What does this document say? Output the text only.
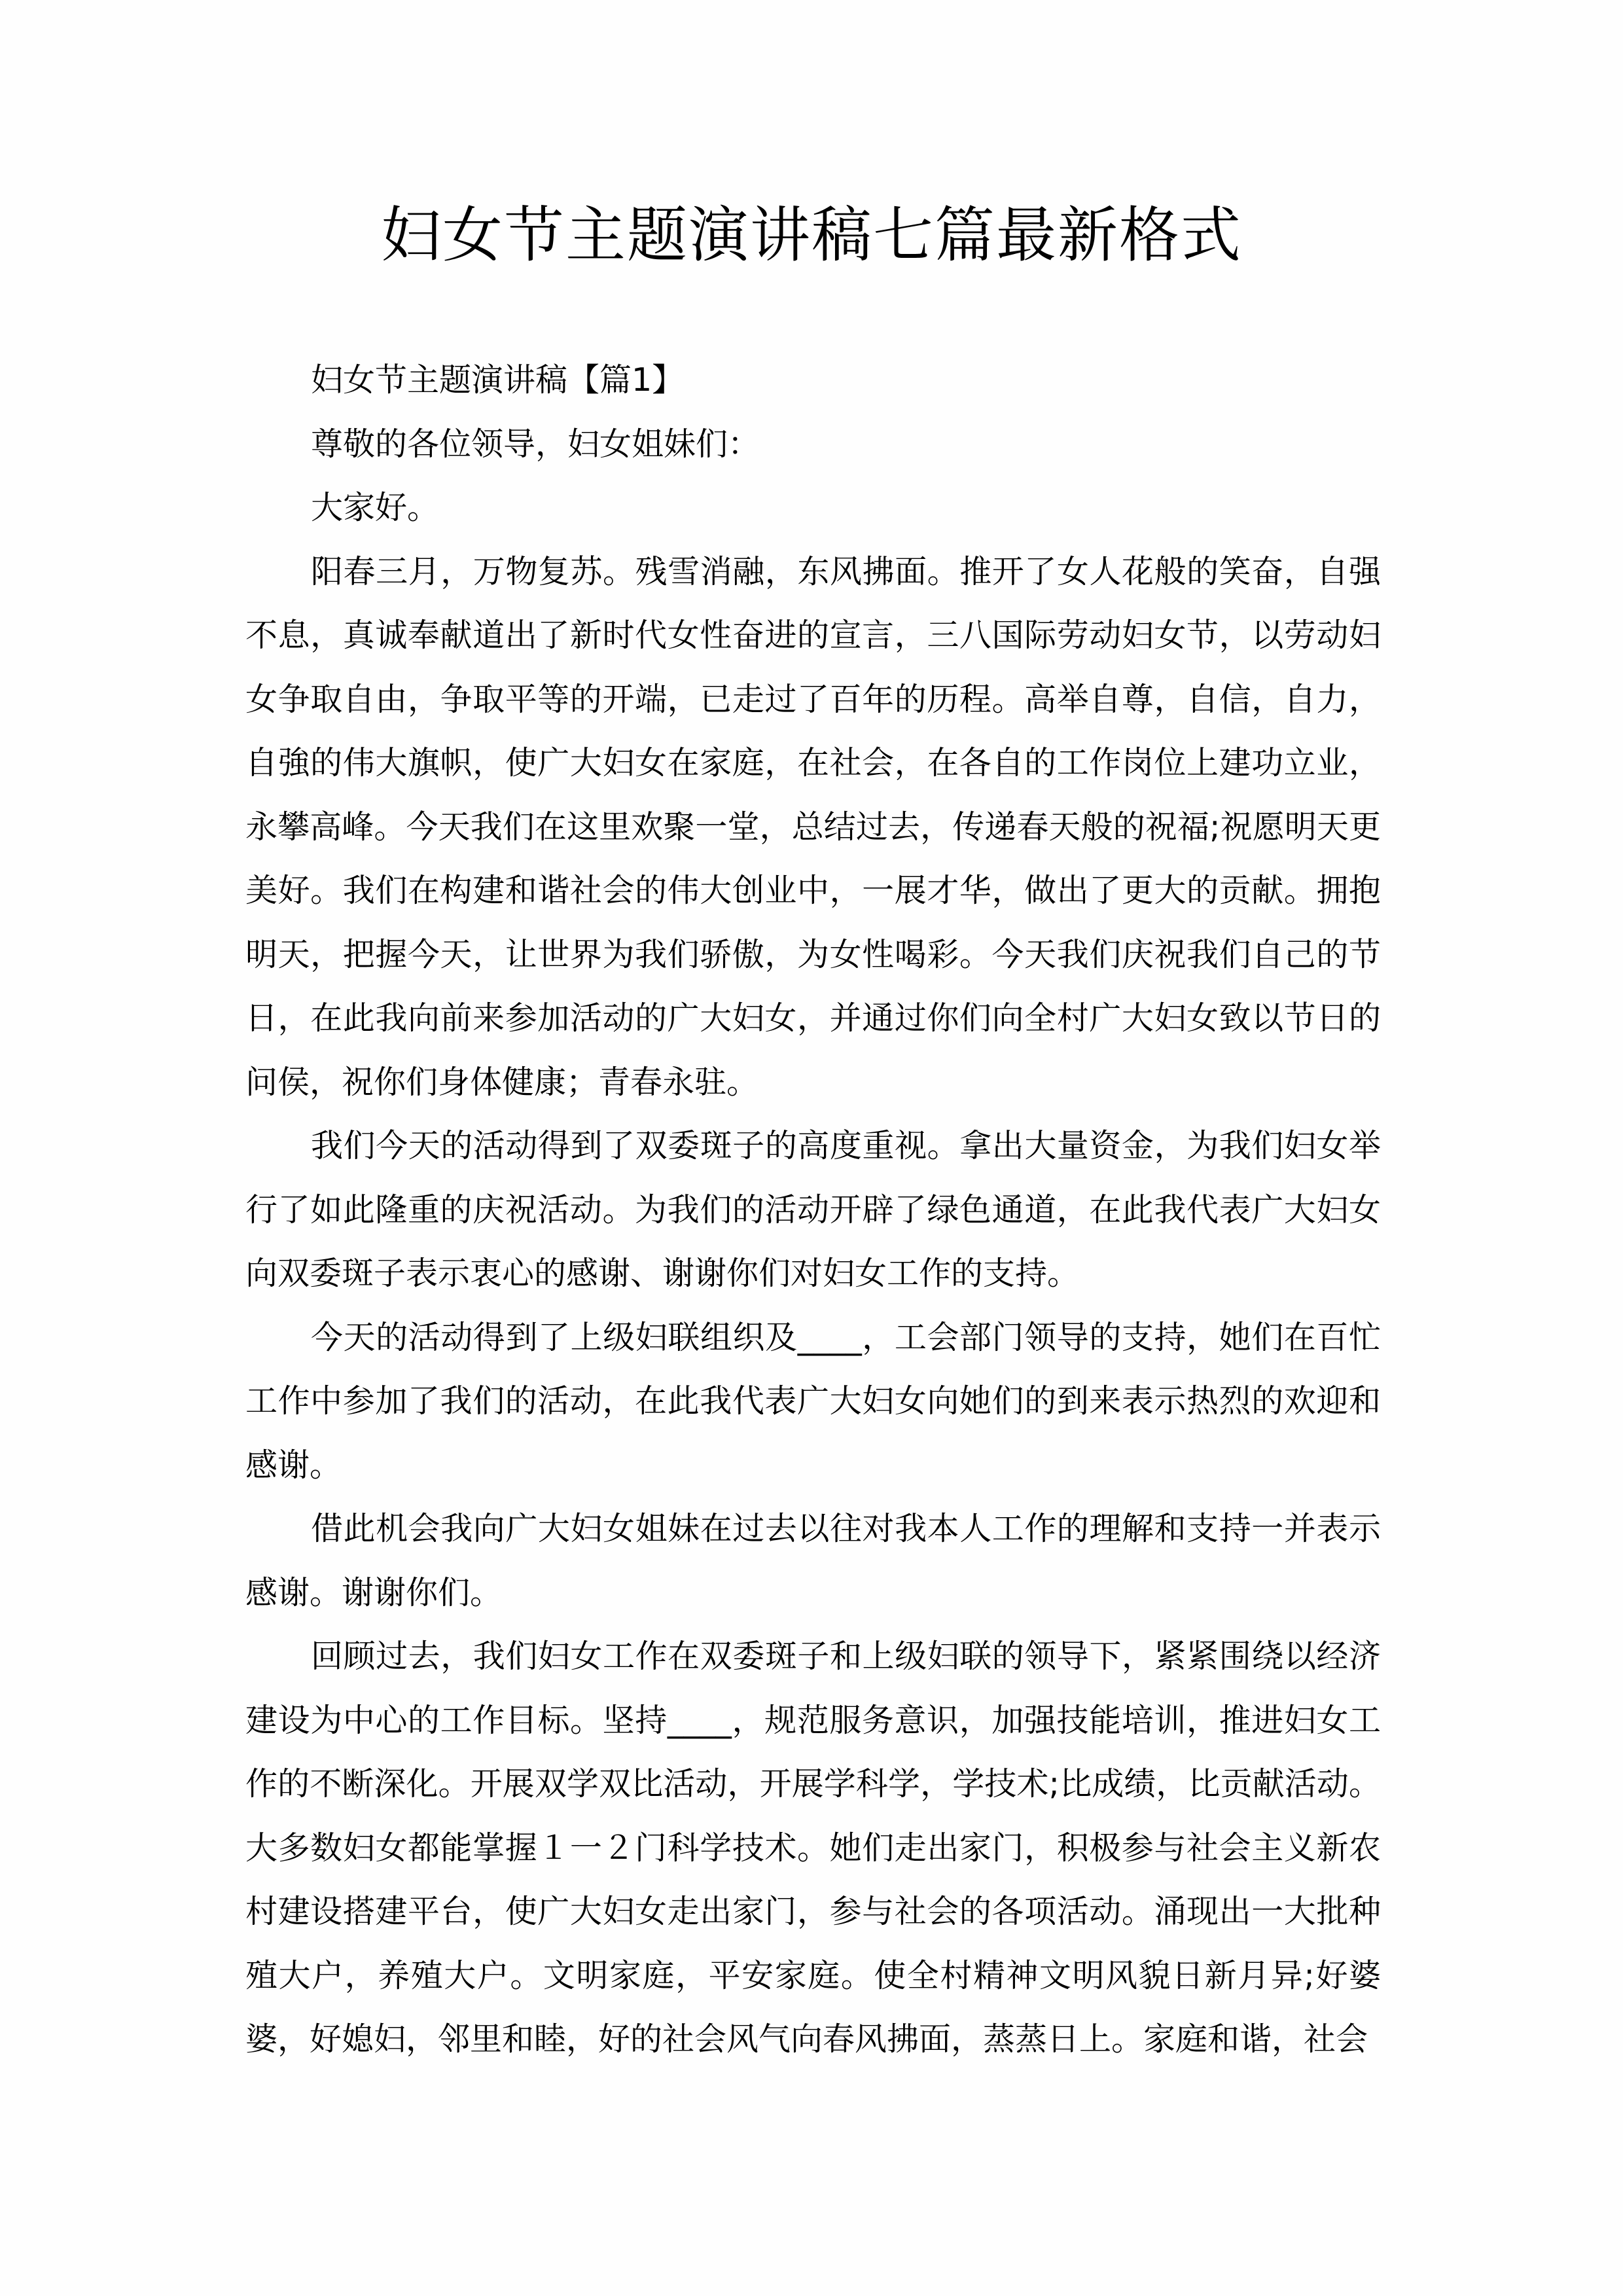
妇女节主题演讲稿七篇最新格式

妇女节主题演讲稿【篇1】

尊敬的各位领导，妇女姐妹们：

大家好。

阳春三月，万物复苏。残雪消融，东风拂面。推开了女人花般的笑奋，自强不息，真诚奉献道出了新时代女性奋进的宣言，三八国际劳动妇女节，以劳动妇女争取自由，争取平等的开端，已走过了百年的历程。高举自尊，自信，自力，自強的伟大旗帜，使广大妇女在家庭，在社会，在各自的工作岗位上建功立业，永攀高峰。今天我们在这里欢聚一堂，总结过去，传递春天般的祝福;祝愿明天更美好。我们在构建和谐社会的伟大创业中，一展才华，做出了更大的贡献。拥抱明天，把握今天，让世界为我们骄傲，为女性喝彩。今天我们庆祝我们自己的节日，在此我向前来参加活动的广大妇女，并通过你们向全村广大妇女致以节日的问侯，祝你们身体健康；青春永驻。

我们今天的活动得到了双委斑子的高度重视。拿出大量资金，为我们妇女举行了如此隆重的庆祝活动。为我们的活动开辟了绿色通道，在此我代表广大妇女向双委斑子表示衷心的感谢、谢谢你们对妇女工作的支持。

今天的活动得到了上级妇联组织及____，工会部门领导的支持，她们在百忙工作中参加了我们的活动，在此我代表广大妇女向她们的到来表示热烈的欢迎和感谢。

借此机会我向广大妇女姐妹在过去以往对我本人工作的理解和支持一并表示感谢。谢谢你们。

回顾过去，我们妇女工作在双委斑子和上级妇联的领导下，紧紧围绕以经济建设为中心的工作目标。坚持____，规范服务意识，加强技能培训，推进妇女工作的不断深化。开展双学双比活动，开展学科学，学技术;比成绩，比贡献活动。大多数妇女都能掌握１一２门科学技术。她们走出家门，积极参与社会主义新农村建设搭建平台，使广大妇女走出家门，参与社会的各项活动。涌现出一大批种殖大户，养殖大户。文明家庭，平安家庭。使全村精神文明风貌日新月异;好婆婆，好媳妇，邻里和睦，好的社会风气向春风拂面，蒸蒸日上。家庭和谐，社会
